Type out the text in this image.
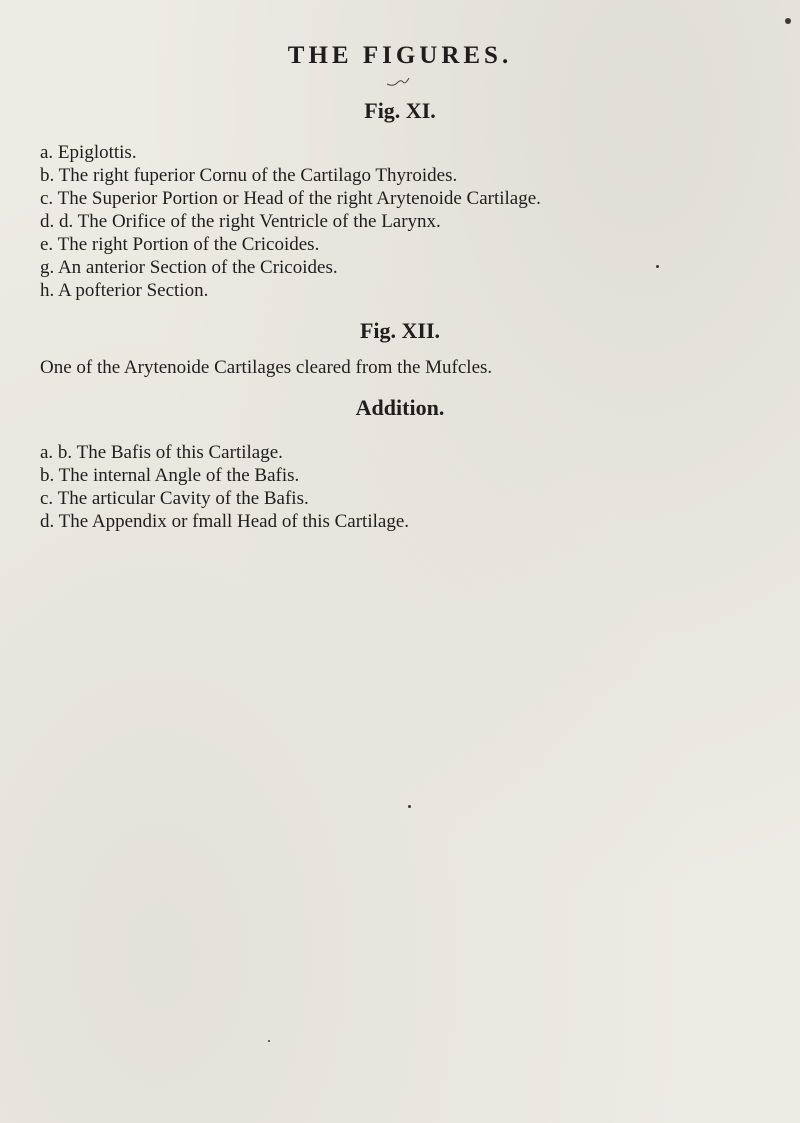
THE FIGURES.
Fig. XI.

a. Epiglottis.

b. The right fuperior Cornu of the Cartilago Thyroides.

c. The Superior Portion or Head of the right Arytenoide Cartilage.

d. d. The Orifice of the right Ventricle of the Larynx.

e. The right Portion of the Cricoides.

g. An anterior Section of the Cricoides.

h. A pofterior Section.

Fig. XII.

One of the Arytenoide Cartilages cleared from the Mufcles.

Addition.

a. b. The Bafis of this Cartilage.

b. The internal Angle of the Bafis.

c. The articular Cavity of the Bafis.

d. The Appendix or fmall Head of this Cartilage.
